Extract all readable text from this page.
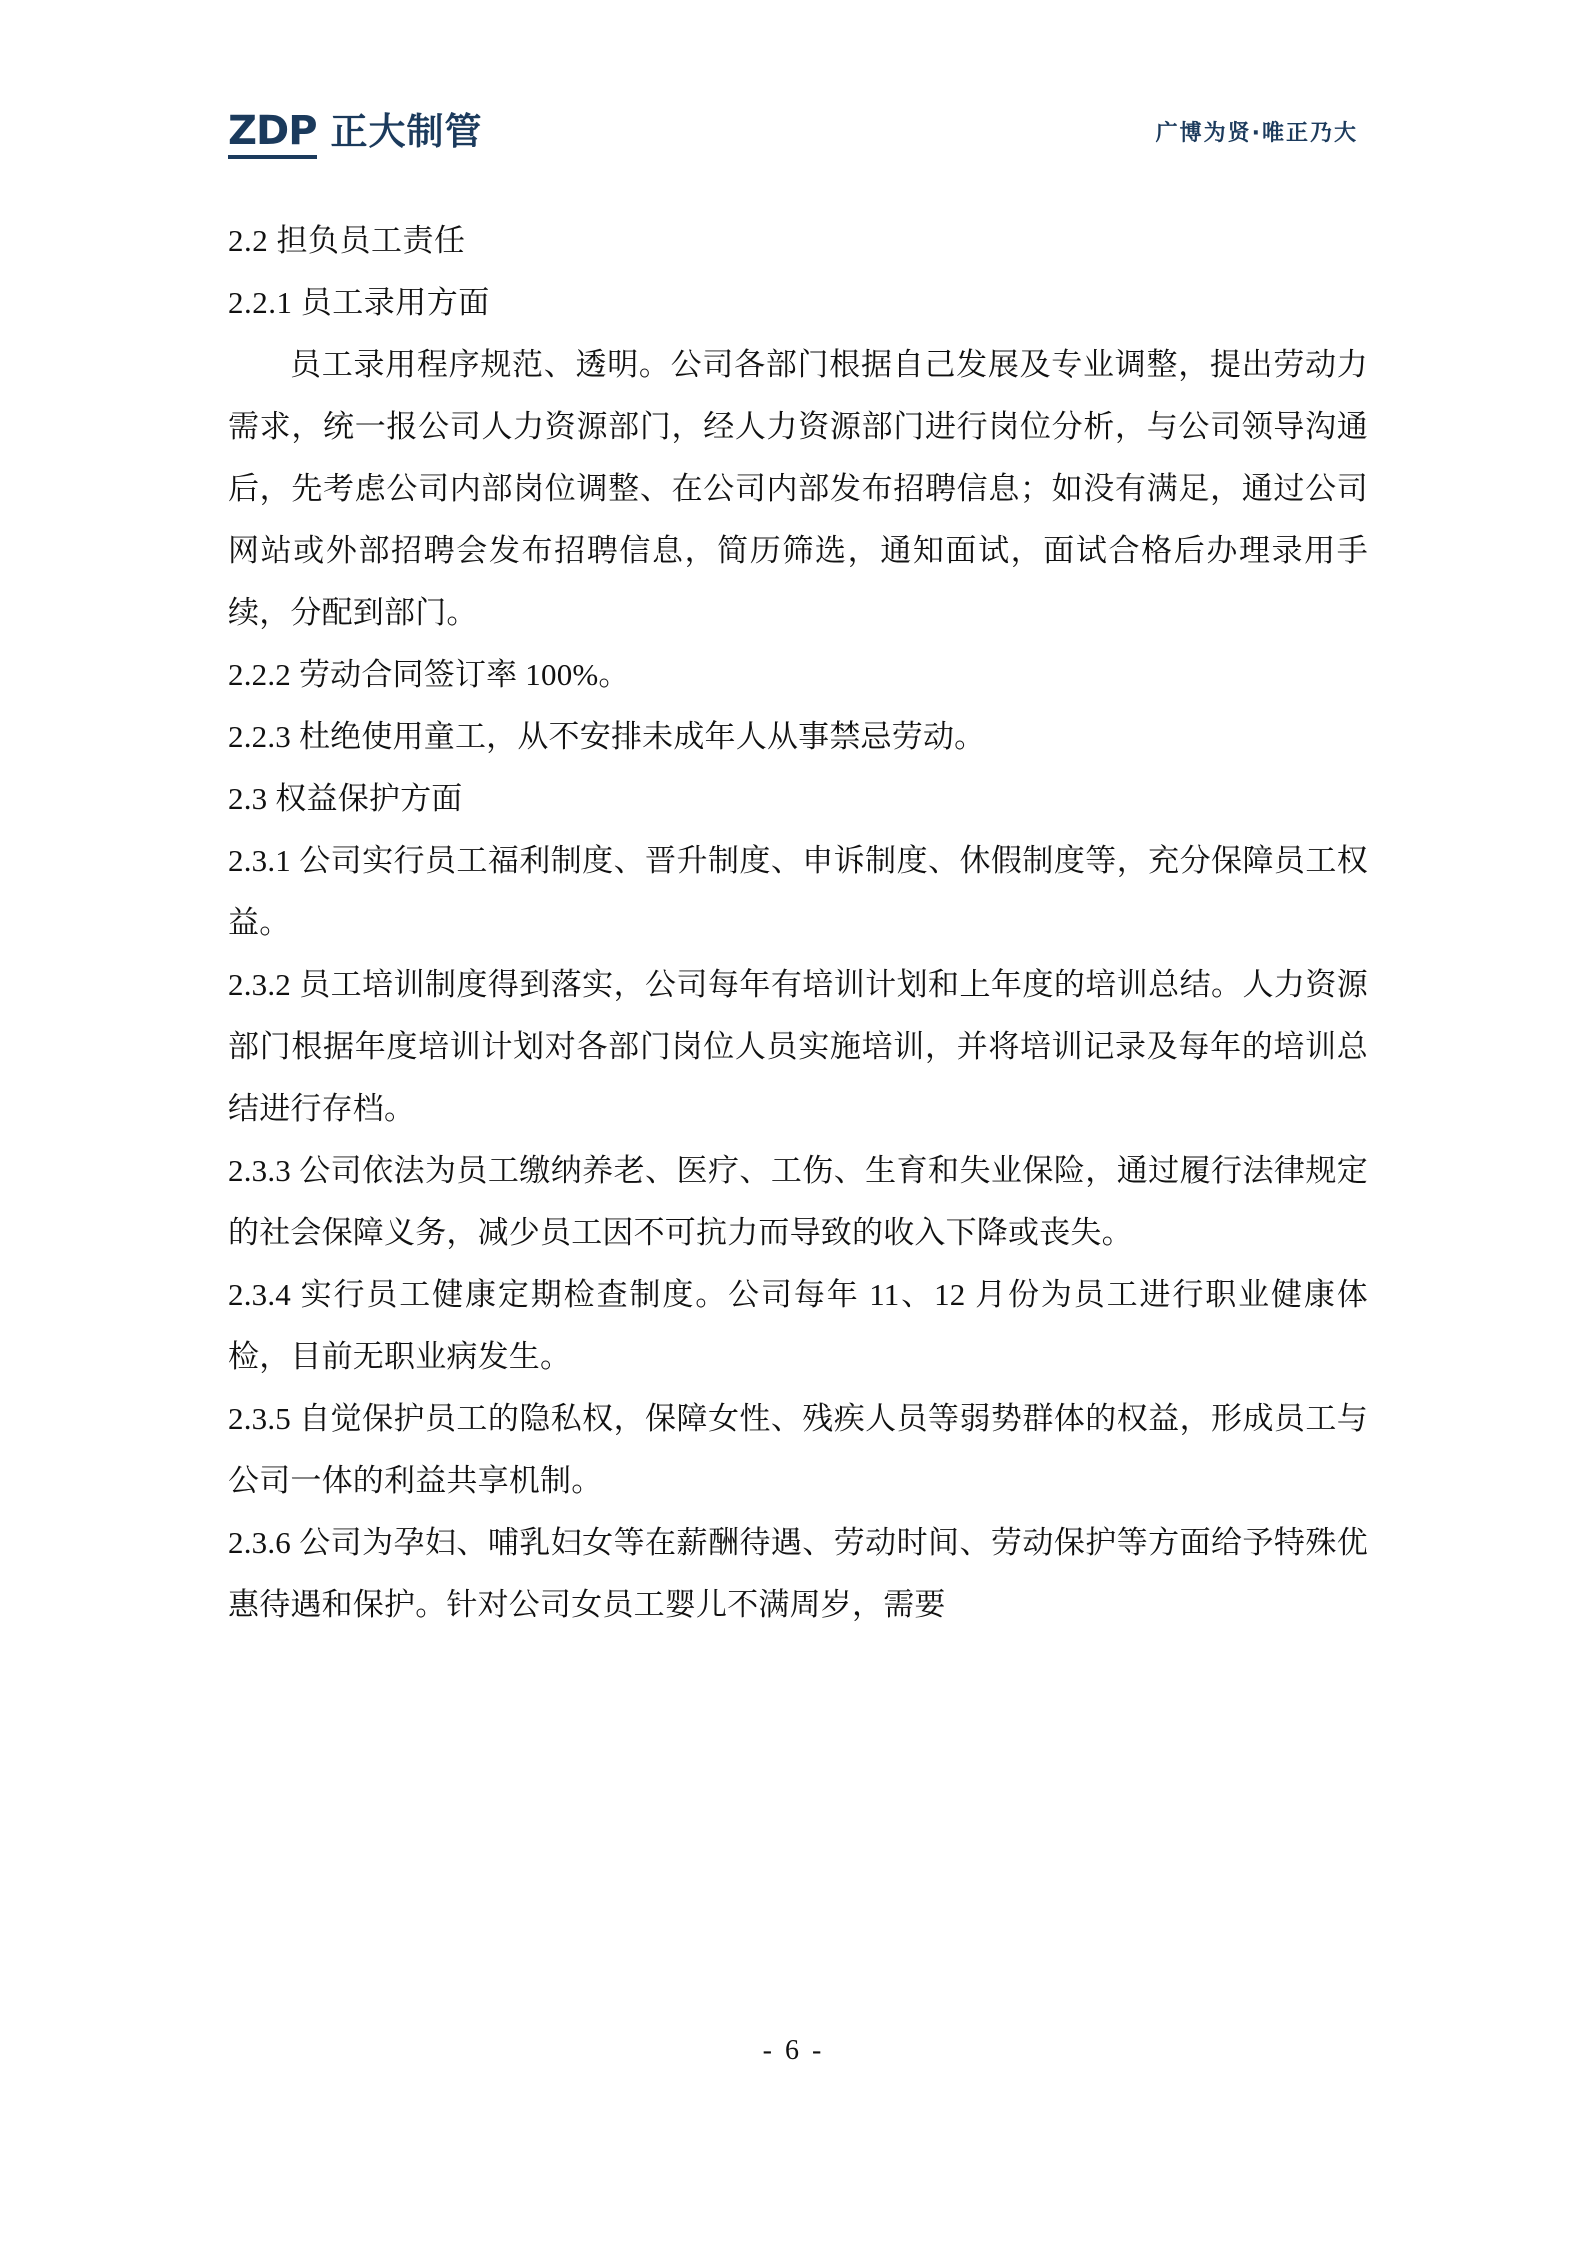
ZDP 正大制管	广博为贤·唯正乃大
2.2 担负员工责任
2.2.1 员工录用方面
员工录用程序规范、透明。公司各部门根据自己发展及专业调整，提出劳动力需求，统一报公司人力资源部门，经人力资源部门进行岗位分析，与公司领导沟通后，先考虑公司内部岗位调整、在公司内部发布招聘信息；如没有满足，通过公司网站或外部招聘会发布招聘信息，简历筛选，通知面试，面试合格后办理录用手续，分配到部门。
2.2.2 劳动合同签订率 100%。
2.2.3 杜绝使用童工，从不安排未成年人从事禁忌劳动。
2.3 权益保护方面
2.3.1 公司实行员工福利制度、晋升制度、申诉制度、休假制度等，充分保障员工权益。
2.3.2 员工培训制度得到落实，公司每年有培训计划和上年度的培训总结。人力资源部门根据年度培训计划对各部门岗位人员实施培训，并将培训记录及每年的培训总结进行存档。
2.3.3 公司依法为员工缴纳养老、医疗、工伤、生育和失业保险，通过履行法律规定的社会保障义务，减少员工因不可抗力而导致的收入下降或丧失。
2.3.4 实行员工健康定期检查制度。公司每年 11、12 月份为员工进行职业健康体检，目前无职业病发生。
2.3.5 自觉保护员工的隐私权，保障女性、残疾人员等弱势群体的权益，形成员工与公司一体的利益共享机制。
2.3.6 公司为孕妇、哺乳妇女等在薪酬待遇、劳动时间、劳动保护等方面给予特殊优惠待遇和保护。针对公司女员工婴儿不满周岁，需要
- 6 -
